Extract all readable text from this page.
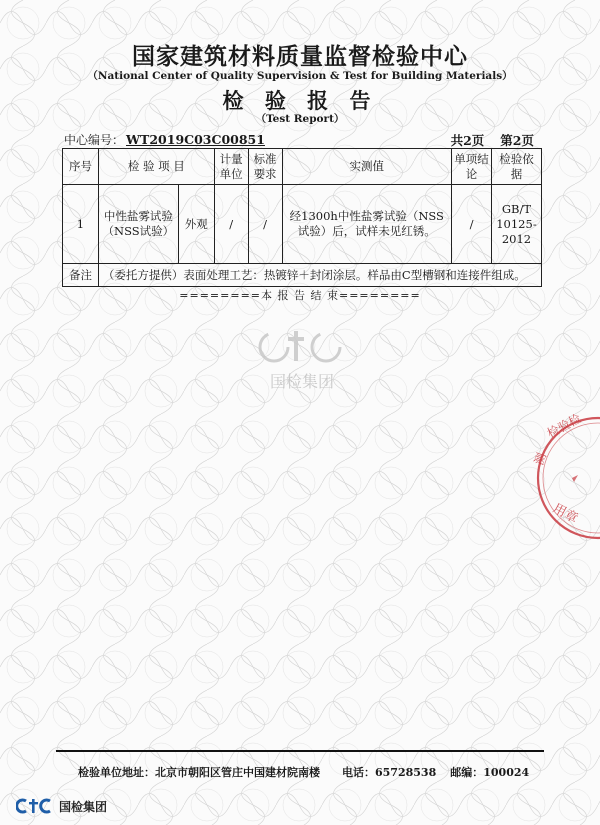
国家建筑材料质量监督检验中心
（National Center of Quality Supervision & Test for Building Materials）
检 验 报 告
（Test Report）
中心编号： WT2019C03C00851	共2页 第2页
序号	检 验 项 目		计量单位	标准要求	实测值	单项结论	检验依据
1	中性盐雾试验（NSS试验）	外观	/	/	经1300h中性盐雾试验（NSS试验）后，试样未见红锈。	/	GB/T 10125-2012
备注	（委托方提供）表面处理工艺：热镀锌＋封闭涂层。样品由C型槽钢和连接件组成。						
========本 报 告 结 束========
国检集团
检验检
测
用章
检验单位地址：北京市朝阳区管庄中国建材院南楼 电话：65728538 邮编：100024
国检集团
